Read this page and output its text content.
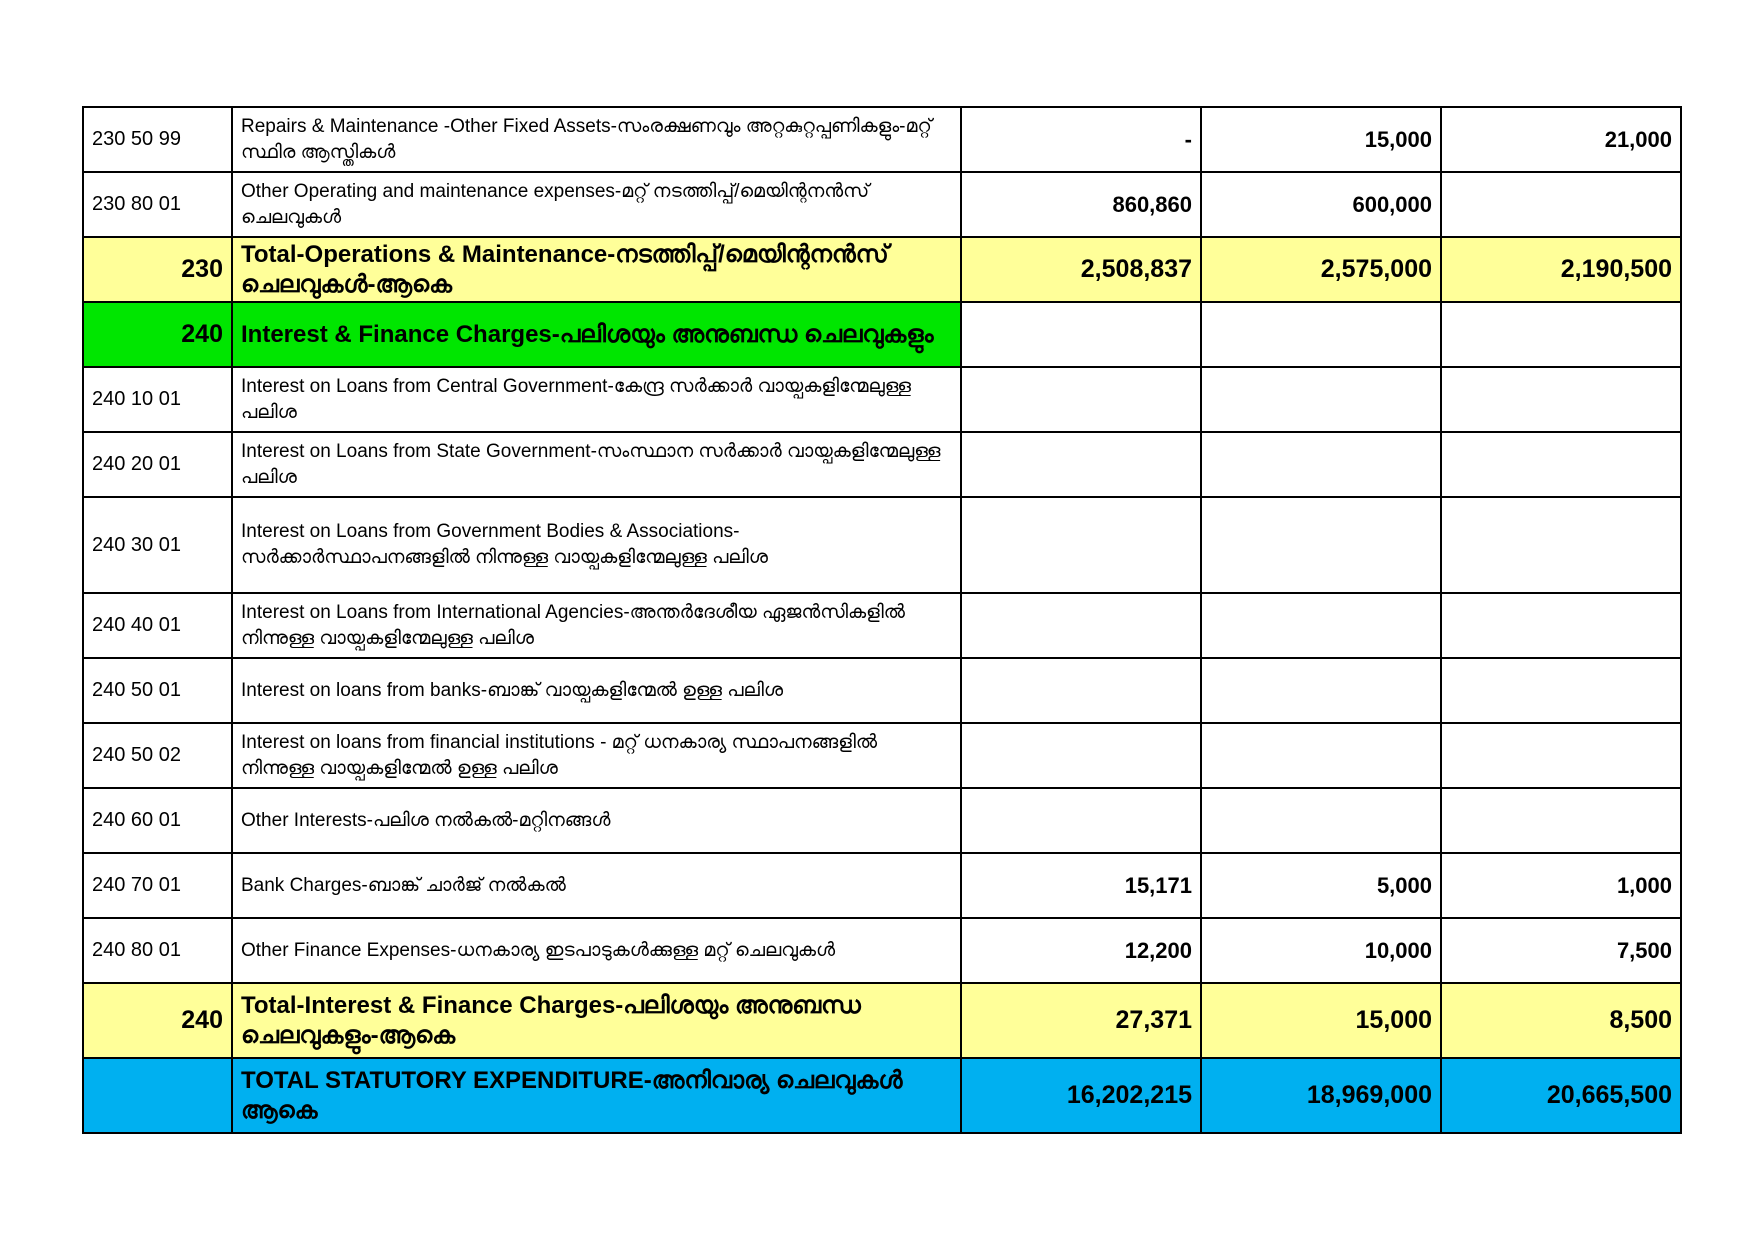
230 50 99	Repairs & Maintenance -Other Fixed Assets-സംരക്ഷണവും അറ്റകുറ്റപ്പണികളും-മറ്റ് സ്ഥിര ആസ്തികൾ	-	15,000	21,000
230 80 01	Other Operating and maintenance expenses-മറ്റ് നടത്തിപ്പ്/മെയിന്റനൻസ് ചെലവുകൾ	860,860	600,000	
230	Total-Operations & Maintenance-നടത്തിപ്പ്/മെയിന്റനൻസ് ചെലവുകൾ-ആകെ	2,508,837	2,575,000	2,190,500
240	Interest & Finance Charges-പലിശയും അനുബന്ധ ചെലവുകളും			
240 10 01	Interest on Loans from Central Government-കേന്ദ്ര സർക്കാർ വായ്പകളിന്മേലുള്ള പലിശ			
240 20 01	Interest on Loans from State Government-സംസ്ഥാന സർക്കാർ വായ്പകളിന്മേലുള്ള പലിശ			
240 30 01	Interest on Loans from Government Bodies & Associations-സർക്കാർസ്ഥാപനങ്ങളിൽ നിന്നുള്ള വായ്പകളിന്മേലുള്ള പലിശ			
240 40 01	Interest on Loans from International Agencies-അന്തർദേശീയ ഏജൻസികളിൽ നിന്നുള്ള വായ്പകളിന്മേലുള്ള പലിശ			
240 50 01	Interest on loans from banks-ബാങ്ക് വായ്പകളിന്മേൽ ഉള്ള പലിശ			
240 50 02	Interest on loans from financial institutions - മറ്റ് ധനകാര്യ സ്ഥാപനങ്ങളിൽ നിന്നുള്ള വായ്പകളിന്മേൽ ഉള്ള പലിശ			
240 60 01	Other Interests-പലിശ നൽകൽ-മറ്റിനങ്ങൾ			
240 70 01	Bank Charges-ബാങ്ക് ചാർജ് നൽകൽ	15,171	5,000	1,000
240 80 01	Other Finance Expenses-ധനകാര്യ ഇടപാടുകൾക്കുള്ള മറ്റ് ചെലവുകൾ	12,200	10,000	7,500
240	Total-Interest & Finance Charges-പലിശയും അനുബന്ധ ചെലവുകളും-ആകെ	27,371	15,000	8,500
	TOTAL STATUTORY EXPENDITURE-അനിവാര്യ ചെലവുകൾ ആകെ	16,202,215	18,969,000	20,665,500
